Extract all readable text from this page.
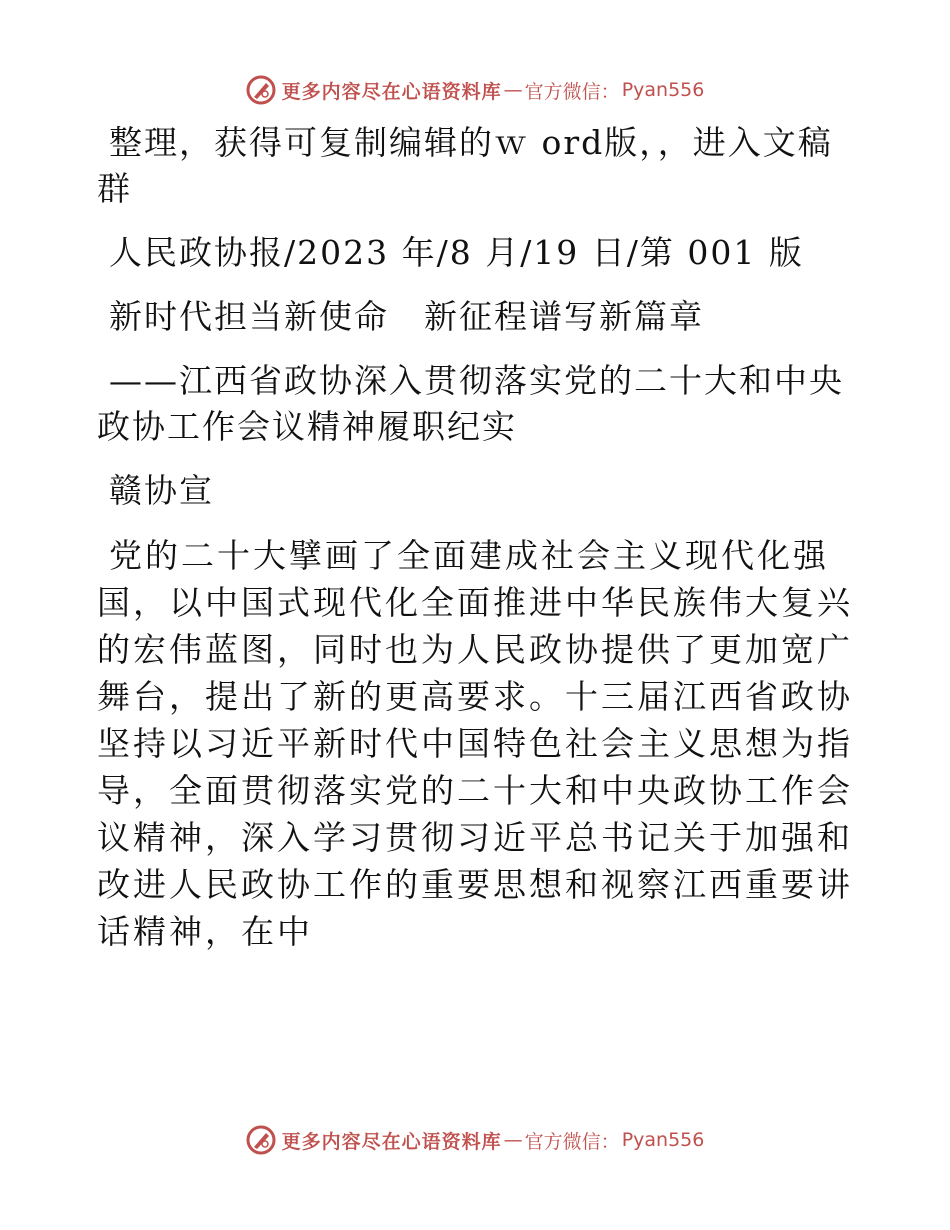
更多内容尽在心语资料库 — 官方微信： Pyan556

整理，获得可复制编辑的ｗ ord版，，进入文稿群

人民政协报/2023 年/8 月/19 日/第 001 版

新时代担当新使命　新征程谱写新篇章

——江西省政协深入贯彻落实党的二十大和中央政协工作会议精神履职纪实

赣协宣

党的二十大擘画了全面建成社会主义现代化强国，以中国式现代化全面推进中华民族伟大复兴的宏伟蓝图，同时也为人民政协提供了更加宽广舞台，提出了新的更高要求。十三届江西省政协坚持以习近平新时代中国特色社会主义思想为指导，全面贯彻落实党的二十大和中央政协工作会议精神，深入学习贯彻习近平总书记关于加强和改进人民政协工作的重要思想和视察江西重要讲话精神，在中

更多内容尽在心语资料库 — 官方微信： Pyan556
